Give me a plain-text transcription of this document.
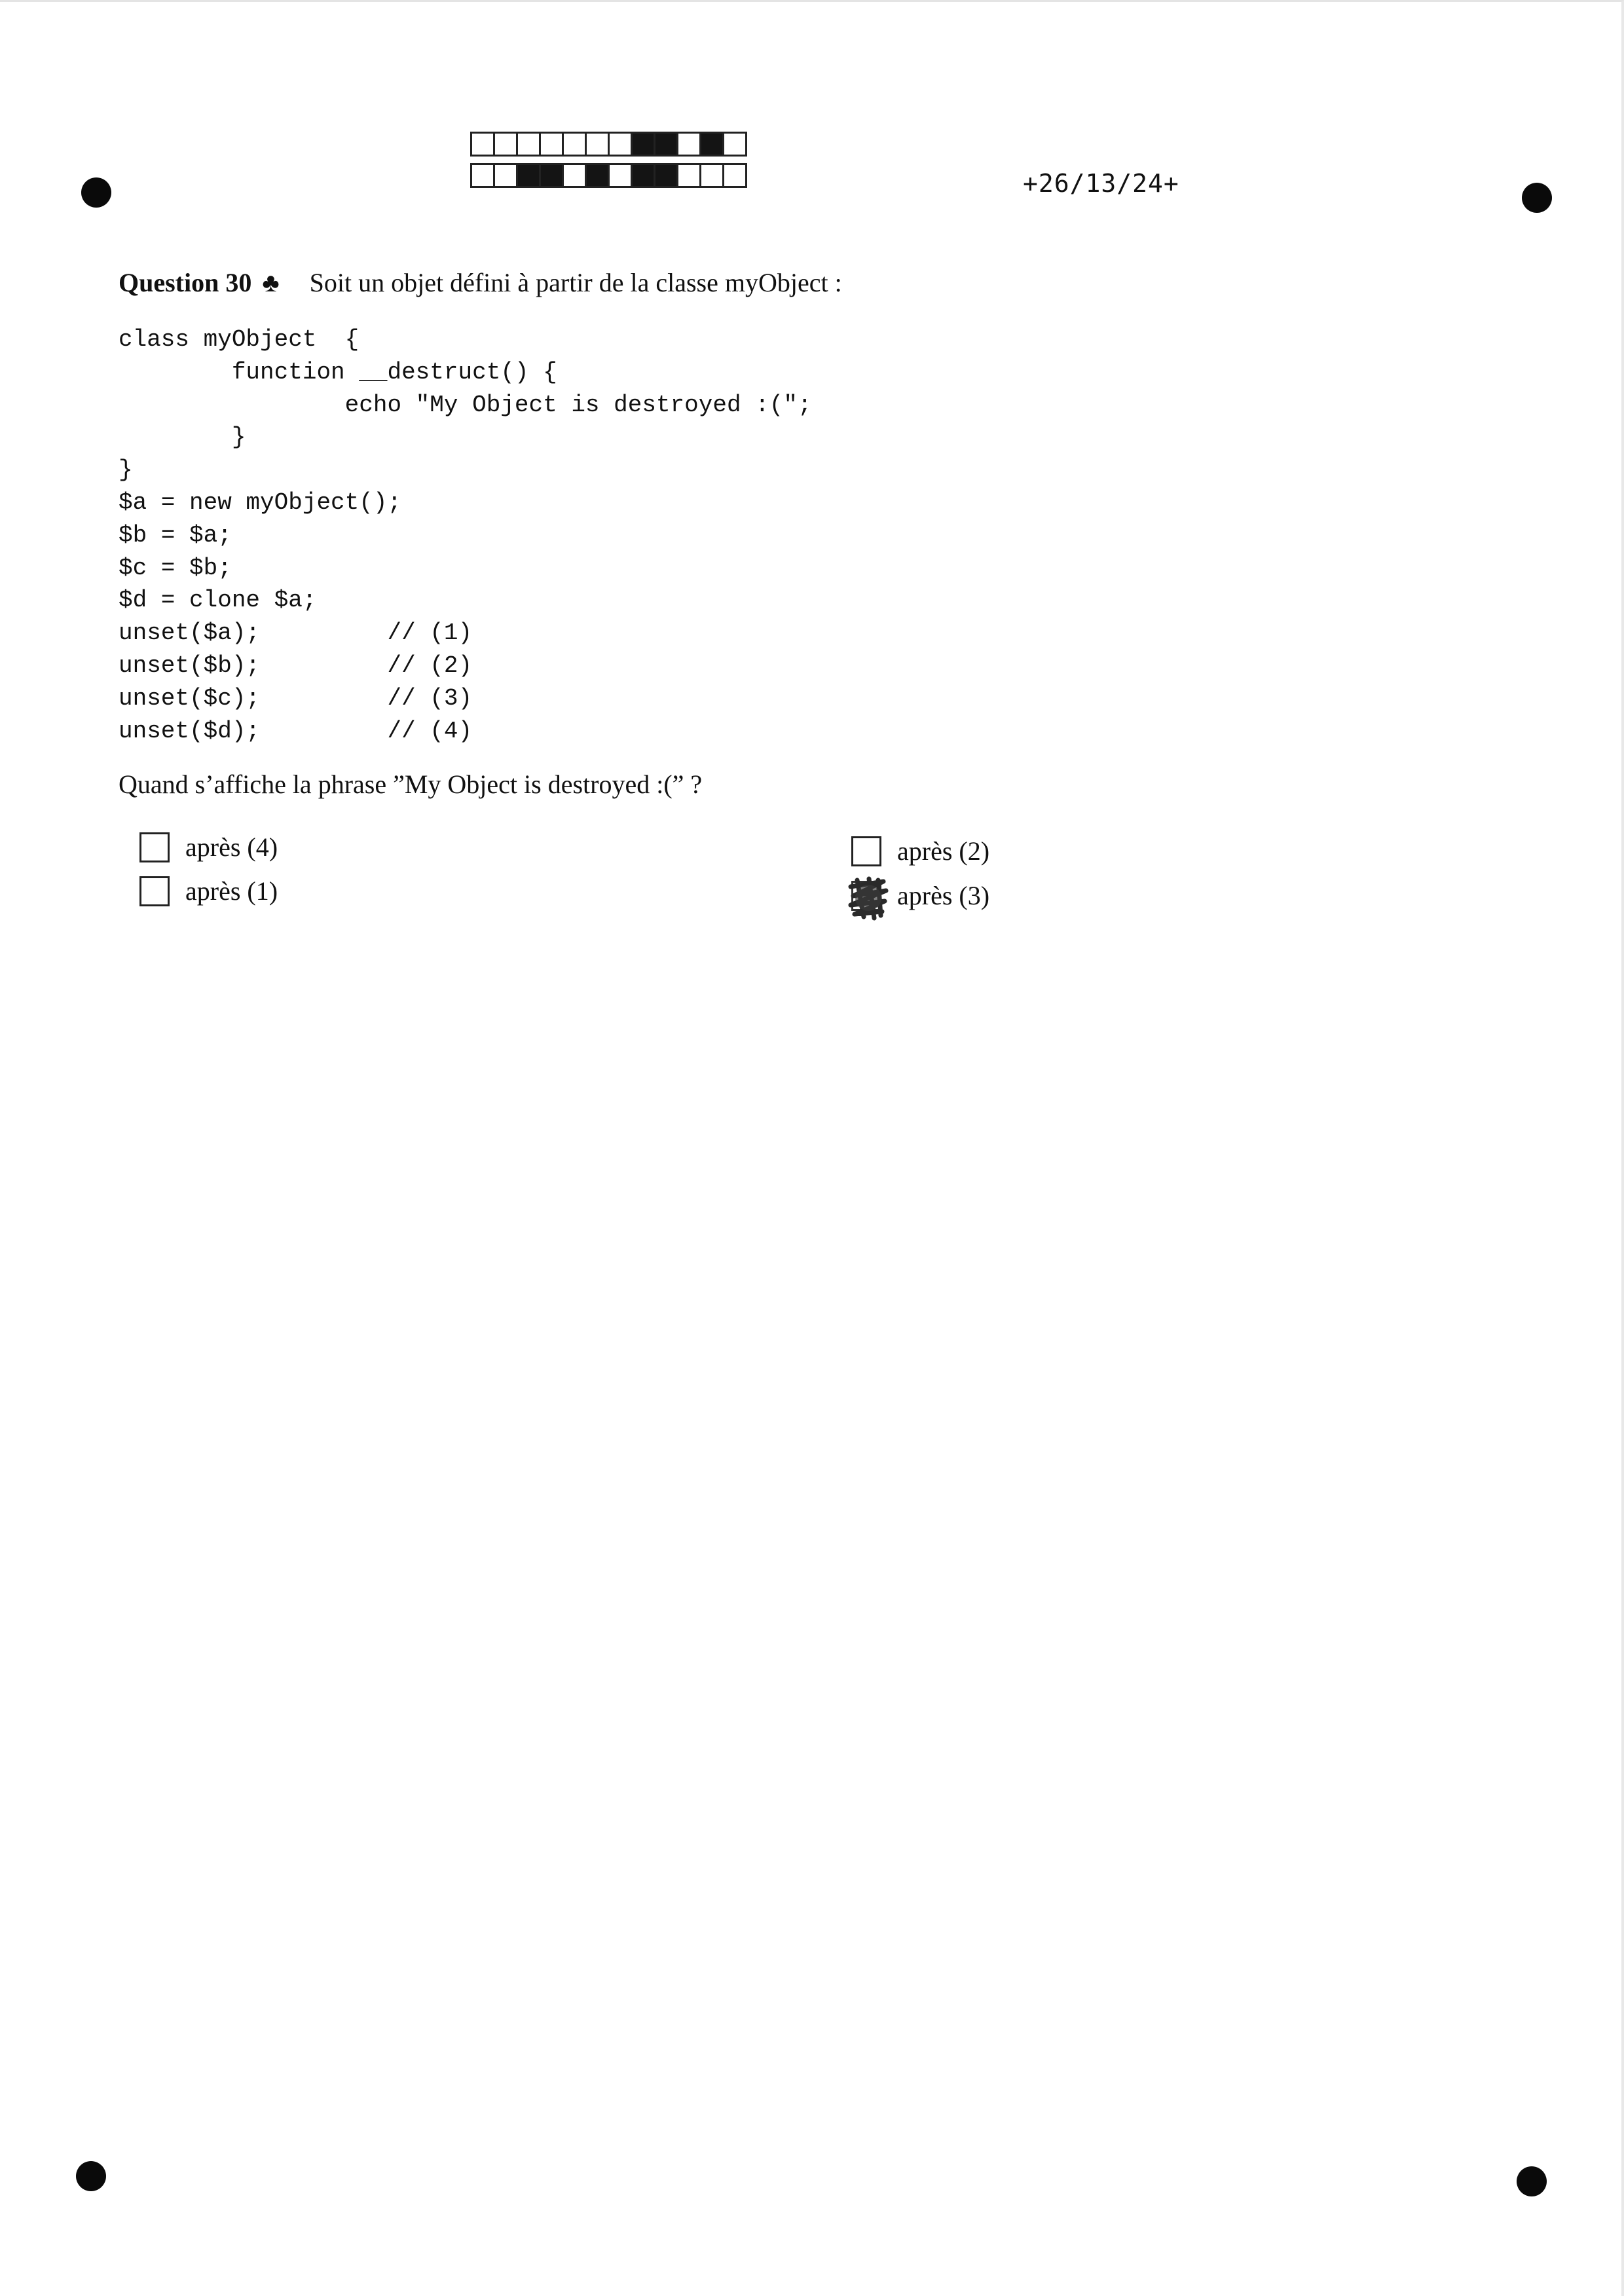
+26/13/24+
Question 30 ♣ Soit un objet défini à partir de la classe myObject :
class myObject  {
function __destruct() {
echo "My Object is destroyed :(";
}
}
$a = new myObject();
$b = $a;
$c = $b;
$d = clone $a;
unset($a);         // (1)
unset($b);         // (2)
unset($c);         // (3)
unset($d);         // (4)
Quand s’affiche la phrase ”My Object is destroyed :(” ?
après (4)
après (1)
après (2)
après (3)
